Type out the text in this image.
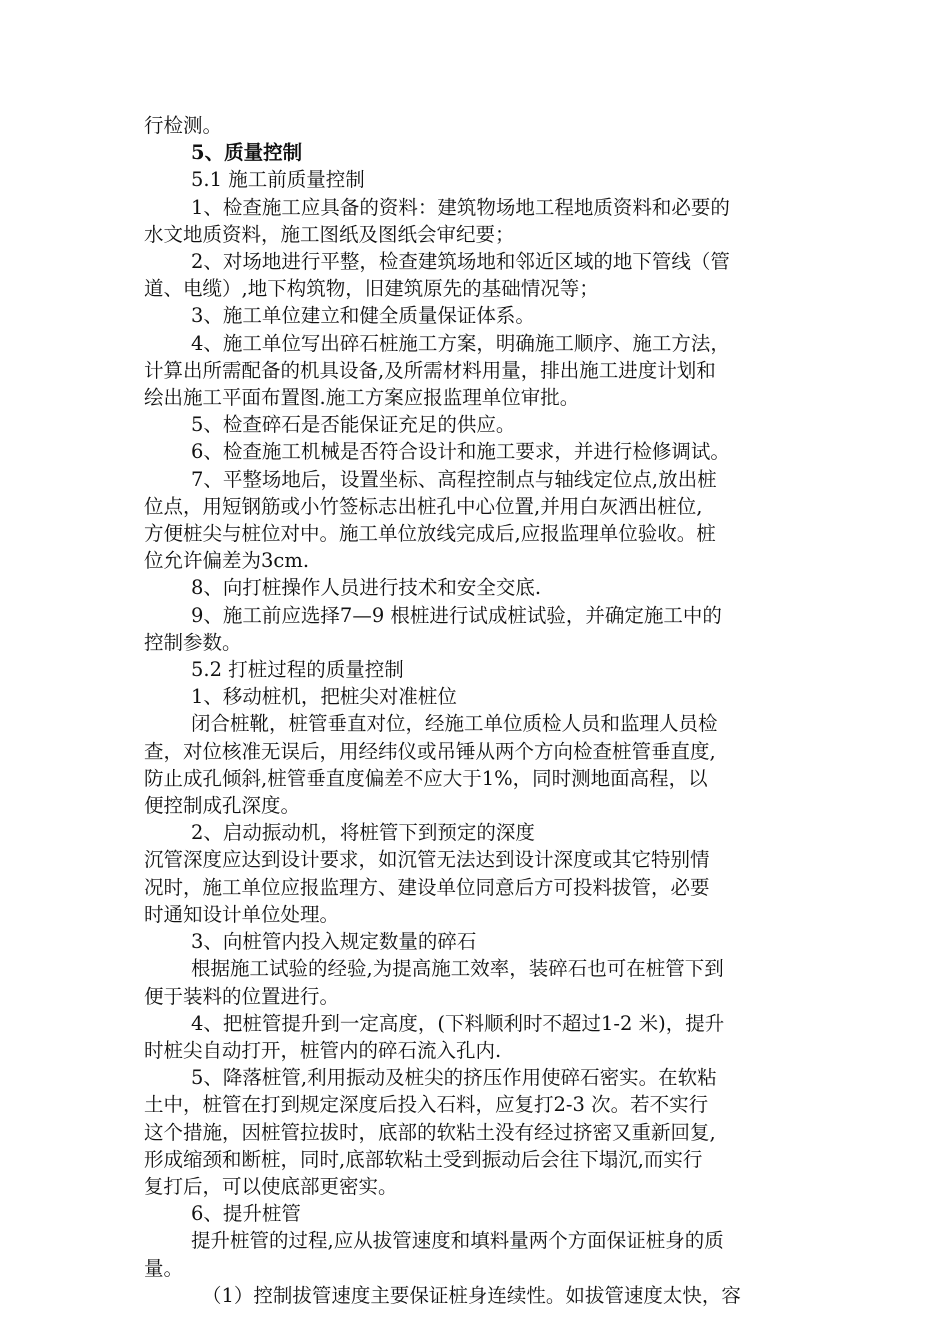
行检测。

5、质量控制

5.1 施工前质量控制

1、检查施工应具备的资料：建筑物场地工程地质资料和必要的

水文地质资料，施工图纸及图纸会审纪要；

2、对场地进行平整，检查建筑场地和邻近区域的地下管线（管

道、电缆）,地下构筑物，旧建筑原先的基础情况等；

3、施工单位建立和健全质量保证体系。

4、施工单位写出碎石桩施工方案，明确施工顺序、施工方法，

计算出所需配备的机具设备,及所需材料用量，排出施工进度计划和

绘出施工平面布置图.施工方案应报监理单位审批。

5、检查碎石是否能保证充足的供应。

6、检查施工机械是否符合设计和施工要求，并进行检修调试。

7、平整场地后，设置坐标、高程控制点与轴线定位点,放出桩

位点，用短钢筋或小竹签标志出桩孔中心位置,并用白灰洒出桩位,

方便桩尖与桩位对中。施工单位放线完成后,应报监理单位验收。桩

位允许偏差为3cm.

8、向打桩操作人员进行技术和安全交底.

9、施工前应选择7—9 根桩进行试成桩试验，并确定施工中的

控制参数。

5.2 打桩过程的质量控制

1、移动桩机，把桩尖对准桩位

闭合桩靴，桩管垂直对位，经施工单位质检人员和监理人员检

查，对位核准无误后，用经纬仪或吊锤从两个方向检查桩管垂直度,

防止成孔倾斜,桩管垂直度偏差不应大于1%，同时测地面高程，以

便控制成孔深度。

2、启动振动机，将桩管下到预定的深度

沉管深度应达到设计要求，如沉管无法达到设计深度或其它特别情

况时，施工单位应报监理方、建设单位同意后方可投料拔管，必要

时通知设计单位处理。

3、向桩管内投入规定数量的碎石

根据施工试验的经验,为提高施工效率，装碎石也可在桩管下到

便于装料的位置进行。

4、把桩管提升到一定高度，(下料顺利时不超过1-2 米)，提升

时桩尖自动打开，桩管内的碎石流入孔内.

5、降落桩管,利用振动及桩尖的挤压作用使碎石密实。在软粘

土中，桩管在打到规定深度后投入石料，应复打2-3 次。若不实行

这个措施，因桩管拉拔时，底部的软粘土没有经过挤密又重新回复,

形成缩颈和断桩，同时,底部软粘土受到振动后会往下塌沉,而实行

复打后，可以使底部更密实。

6、提升桩管

提升桩管的过程,应从拔管速度和填料量两个方面保证桩身的质

量。

（1）控制拔管速度主要保证桩身连续性。如拔管速度太快，容
